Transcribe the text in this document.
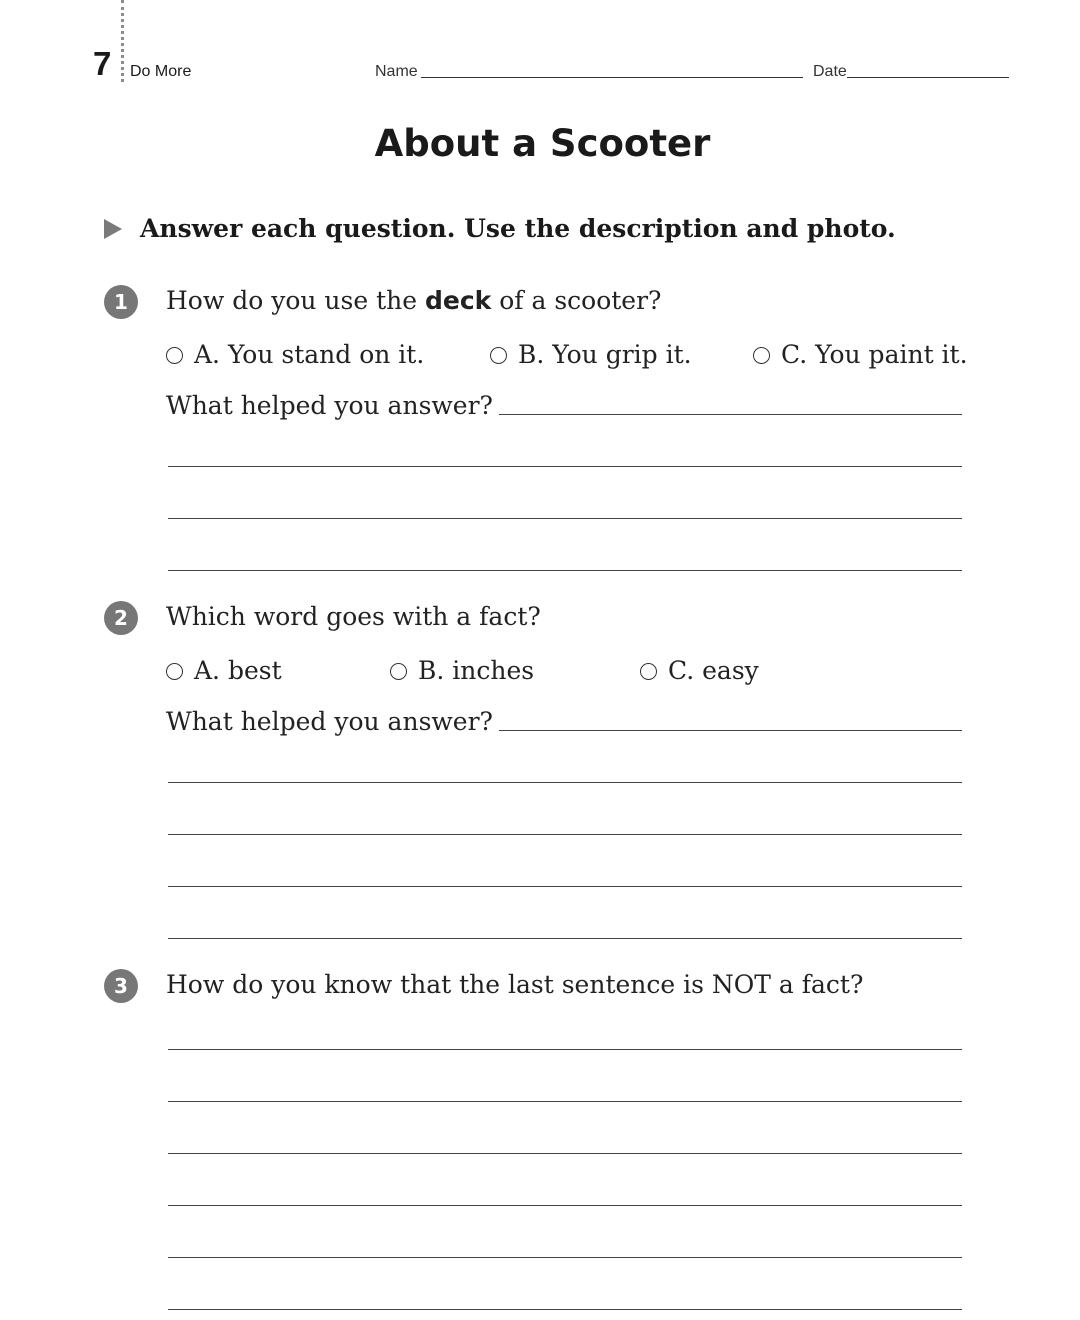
7 Do More	Name	Date
About a Scooter
Answer each question. Use the description and photo.
1	How do you use the deck of a scooter?
A. You stand on it.	B. You grip it.	C. You paint it.
What helped you answer?
2	Which word goes with a fact?
A. best	B. inches	C. easy
What helped you answer?
3	How do you know that the last sentence is NOT a fact?
